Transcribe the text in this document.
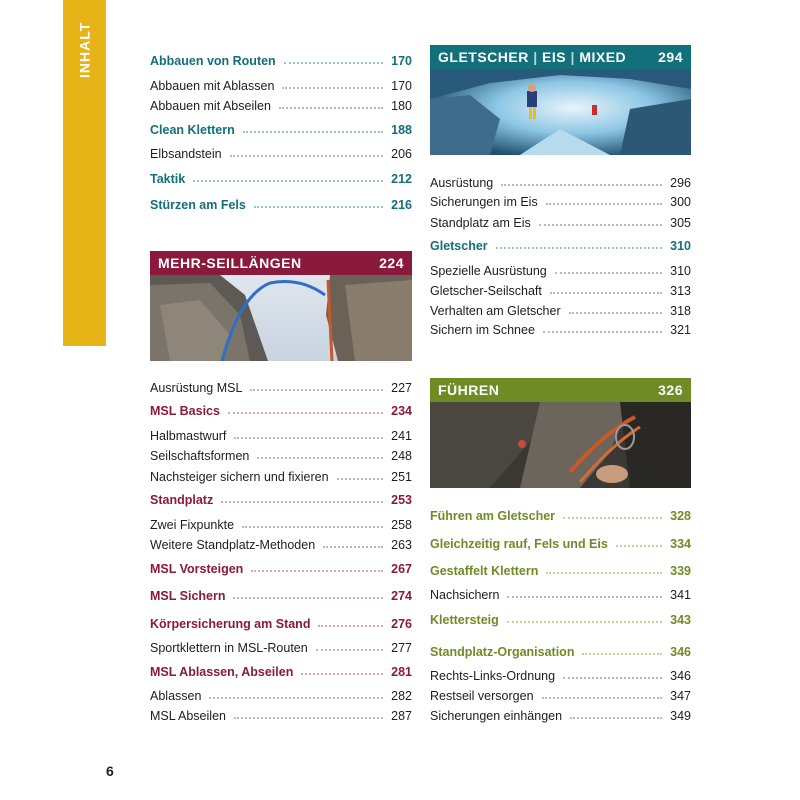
INHALT	Abbauen von Routen	170
Abbauen mit Ablassen	170
Abbauen mit Abseilen	180
Clean Klettern	188
Elbsandstein	206
Taktik	212
Stürzen am Fels	216
MEHR-SEILLÄNGEN	224
Ausrüstung MSL	227
MSL Basics	234
Halbmastwurf	241
Seilschaftsformen	248
Nachsteiger sichern und fixieren	251
Standplatz	253
Zwei Fixpunkte	258
Weitere Standplatz-Methoden	263
MSL Vorsteigen	267
MSL Sichern	274
Körpersicherung am Stand	276
Sportklettern in MSL-Routen	277
MSL Ablassen, Abseilen	281
Ablassen	282
MSL Abseilen	287
GLETSCHER | EIS | MIXED 294
Ausrüstung	296
Sicherungen im Eis	300
Standplatz am Eis	305
Gletscher	310
Spezielle Ausrüstung	310
Gletscher-Seilschaft	313
Verhalten am Gletscher	318
Sichern im Schnee	321
FÜHREN	326
Führen am Gletscher	328
Gleichzeitig rauf, Fels und Eis	334
Gestaffelt Klettern	339
Nachsichern	341
Klettersteig	343
Standplatz-Organisation	346
Rechts-Links-Ordnung	346
Restseil versorgen	347
Sicherungen einhängen	349
6
